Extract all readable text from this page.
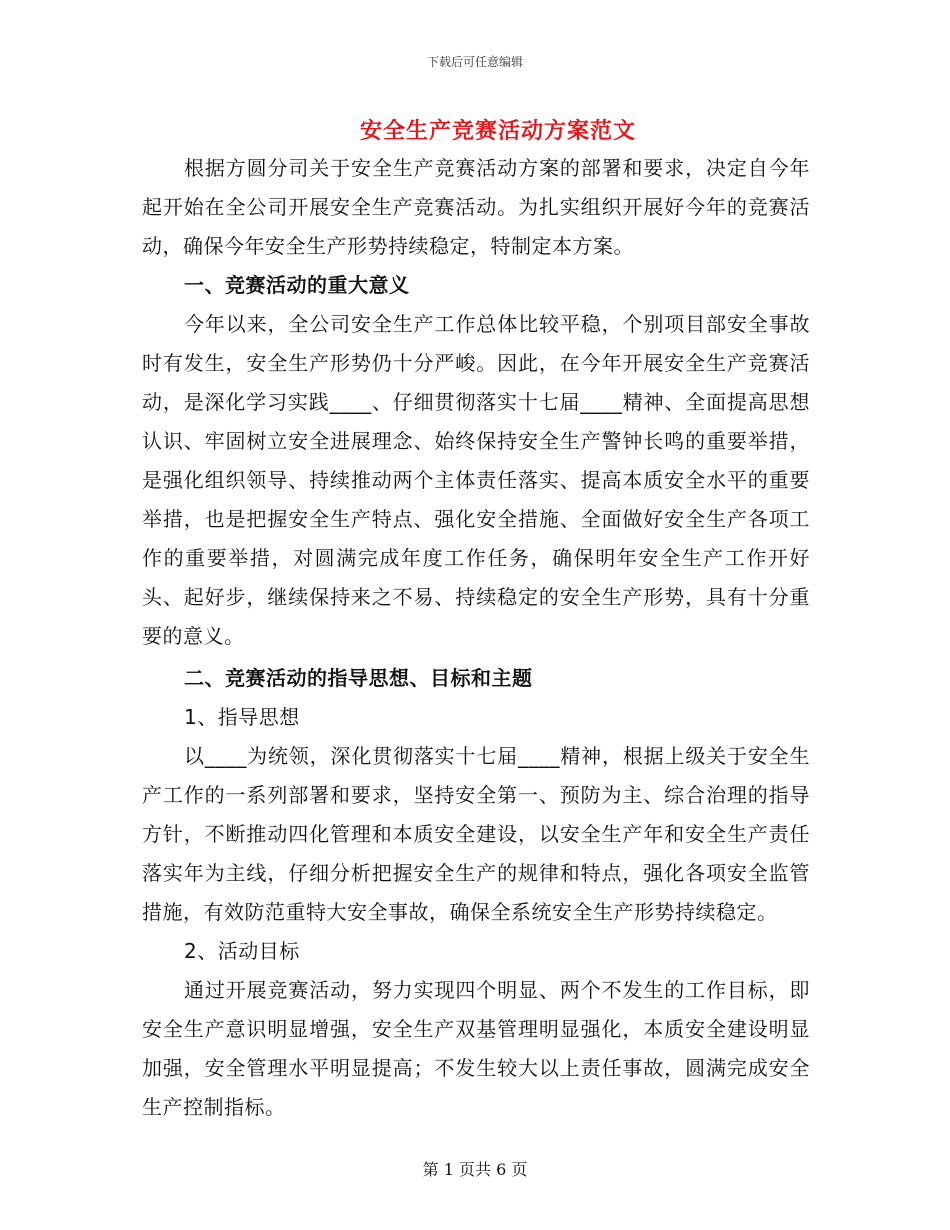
下载后可任意编辑
安全生产竞赛活动方案范文

根据方圆分司关于安全生产竞赛活动方案的部署和要求，决定自今年起开始在全公司开展安全生产竞赛活动。为扎实组织开展好今年的竞赛活动，确保今年安全生产形势持续稳定，特制定本方案。

一、竞赛活动的重大意义

今年以来，全公司安全生产工作总体比较平稳，个别项目部安全事故时有发生，安全生产形势仍十分严峻。因此，在今年开展安全生产竞赛活动，是深化学习实践____、仔细贯彻落实十七届____精神、全面提高思想认识、牢固树立安全进展理念、始终保持安全生产警钟长鸣的重要举措，是强化组织领导、持续推动两个主体责任落实、提高本质安全水平的重要举措，也是把握安全生产特点、强化安全措施、全面做好安全生产各项工作的重要举措，对圆满完成年度工作任务，确保明年安全生产工作开好头、起好步，继续保持来之不易、持续稳定的安全生产形势，具有十分重要的意义。

二、竞赛活动的指导思想、目标和主题
1、指导思想

以____为统领，深化贯彻落实十七届____精神，根据上级关于安全生产工作的一系列部署和要求，坚持安全第一、预防为主、综合治理的指导方针，不断推动四化管理和本质安全建设，以安全生产年和安全生产责任落实年为主线，仔细分析把握安全生产的规律和特点，强化各项安全监管措施，有效防范重特大安全事故，确保全系统安全生产形势持续稳定。

2、活动目标

通过开展竞赛活动，努力实现四个明显、两个不发生的工作目标，即安全生产意识明显增强，安全生产双基管理明显强化，本质安全建设明显加强，安全管理水平明显提高；不发生较大以上责任事故，圆满完成安全生产控制指标。

第 1 页共 6 页
